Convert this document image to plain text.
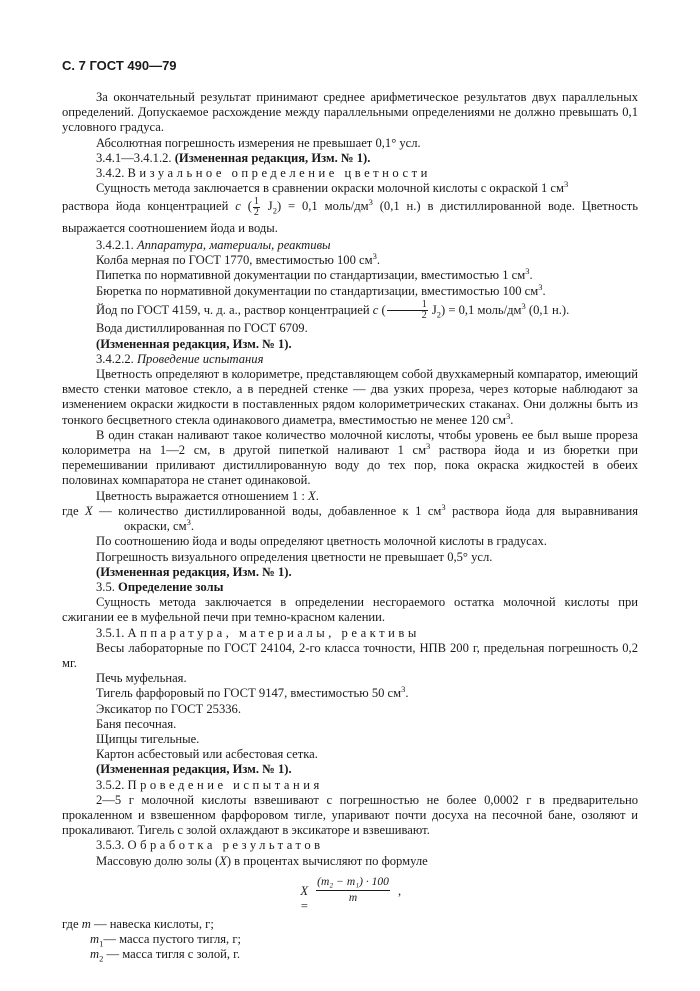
С. 7 ГОСТ 490—79

За окончательный результат принимают среднее арифметическое результатов двух параллельных определений. Допускаемое расхождение между параллельными определениями не должно превышать 0,1 условного градуса.

Абсолютная погрешность измерения не превышает 0,1° усл.

3.4.1—3.4.1.2. (Измененная редакция, Изм. № 1).

3.4.2. Визуальное определение цветности

Сущность метода заключается в сравнении окраски молочной кислоты с окраской 1 $см^3$

раствора йода концентрацией c ( $\frac{1}{2} J_2) = 0,1$ моль/$дм^3$ (0,1 н.) в дистиллированной воде. Цветность выражается соотношением йода и воды.

3.4.2.1. Аппаратура, материалы, реактивы

Колба мерная по ГОСТ 1770, вместимостью 100 $см^3$.

Пипетка по нормативной документации по стандартизации, вместимостью 1 $см^3$.

Бюретка по нормативной документации по стандартизации, вместимостью 100 $см^3$.

Йод по ГОСТ 4159, ч. д. а., раствор концентрацией c ( $\frac{1}{2} J_2) = 0,1$ моль/$дм^3$ (0,1 н.).

Вода дистиллированная по ГОСТ 6709.

(Измененная редакция, Изм. № 1).

3.4.2.2. Проведение испытания

Цветность определяют в колориметре, представляющем собой двухкамерный компаратор, имеющий вместо стенки матовое стекло, а в передней стенке — два узких прореза, через которые наблюдают за изменением окраски жидкости в поставленных рядом колориметрических стаканах. Они должны быть из тонкого бесцветного стекла одинакового диаметра, вместимостью не менее 120 $см^3$.

В один стакан наливают такое количество молочной кислоты, чтобы уровень ее был выше прореза колориметра на 1—2 см, в другой пипеткой наливают 1 $см^3$ раствора йода и из бюретки при перемешивании приливают дистиллированную воду до тех пор, пока окраска жидкостей в обеих половинах компаратора не станет одинаковой.

Цветность выражается отношением 1 : X.

где X — количество дистиллированной воды, добавленное к 1 $см^3$ раствора йода для выравнивания окраски, $см^3$.

По соотношению йода и воды определяют цветность молочной кислоты в градусах.

Погрешность визуального определения цветности не превышает 0,5° усл.

(Измененная редакция, Изм. № 1).

3.5. Определение золы

Сущность метода заключается в определении несгораемого остатка молочной кислоты при сжигании ее в муфельной печи при темно-красном калении.

3.5.1. Аппаратура, материалы, реактивы

Весы лабораторные по ГОСТ 24104, 2-го класса точности, НПВ 200 г, предельная погрешность 0,2 мг.

Печь муфельная.

Тигель фарфоровый по ГОСТ 9147, вместимостью 50 $см^3$.

Эксикатор по ГОСТ 25336.

Баня песочная.

Щипцы тигельные.

Картон асбестовый или асбестовая сетка.

(Измененная редакция, Изм. № 1).

3.5.2. Проведение испытания

2—5 г молочной кислоты взвешивают с погрешностью не более 0,0002 г в предварительно прокаленном и взвешенном фарфоровом тигле, упаривают почти досуха на песочной бане, озоляют и прокаливают. Тигель с золой охлаждают в эксикаторе и взвешивают.

3.5.3. Обработка результатов

Массовую долю золы (X) в процентах вычисляют по формуле

X =
$\frac{\text{(m₂ − m₁) · 100}}{m}$ ,

где m — навеска кислоты, г;

$m_1—$ масса пустого тигля, г;

$m_2$ — масса тигля с золой, г.
